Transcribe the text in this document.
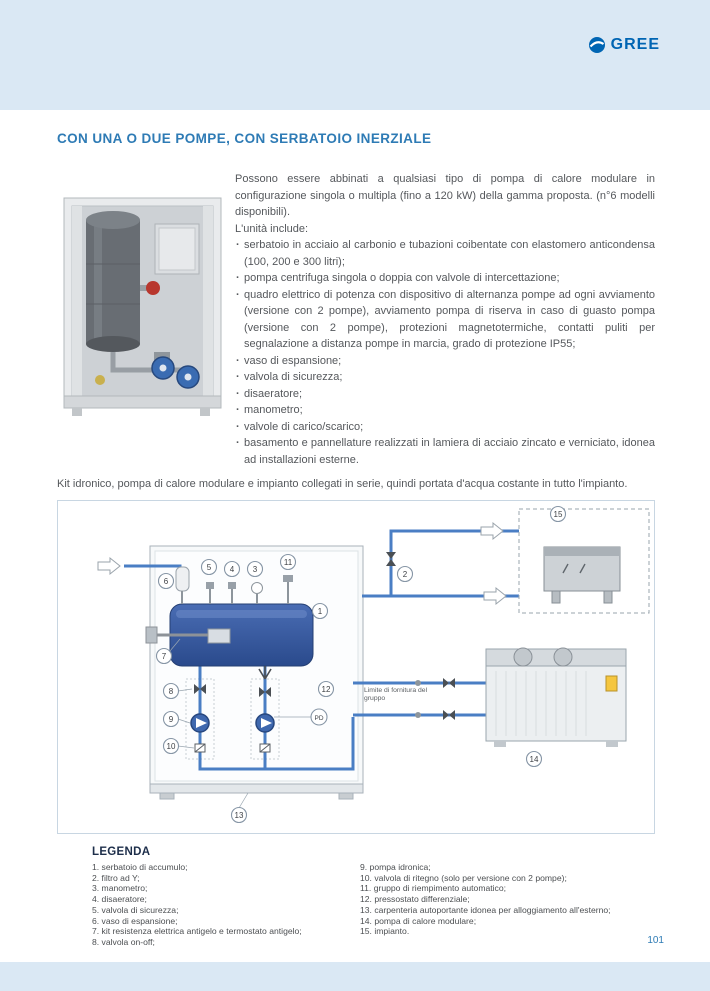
GREE
CON UNA O DUE POMPE, CON SERBATOIO INERZIALE

Possono essere abbinati a qualsiasi tipo di pompa di calore modulare in configurazione singola o multipla (fino a 120 kW) della gamma proposta. (n°6 modelli disponibili).

L'unità include:

· serbatoio in acciaio al carbonio e tubazioni coibentate con elastomero anticondensa (100, 200 e 300 litri);
· pompa centrifuga singola o doppia con valvole di intercettazione;
· quadro elettrico di potenza con dispositivo di alternanza pompe ad ogni avviamento (versione con 2 pompe), avviamento pompa di riserva in caso di guasto pompa (versione con 2 pompe), protezioni magnetotermiche, contatti puliti per segnalazione a distanza pompe in marcia, grado di protezione IP55;
· vaso di espansione;
· valvola di sicurezza;
· disaeratore;
· manometro;
· valvole di carico/scarico;
· basamento e pannellature realizzati in lamiera di acciaio zincato e verniciato, idonea ad installazioni esterne.

Kit idronico, pompa di calore modulare e impianto collegati in serie, quindi portata d'acqua costante in tutto l'impianto.

Limite di fornitura del gruppo
PD
1
2
3
4
5
6
7
8
9
10
11
12
13
14
15
LEGENDA
1. serbatoio di accumulo;
2. filtro ad Y;
3. manometro;
4. disaeratore;
5. valvola di sicurezza;
6. vaso di espansione;
7. kit resistenza elettrica antigelo e termostato antigelo;
8. valvola on-off;
9. pompa idronica;
10. valvola di ritegno (solo per versione con 2 pompe);
11. gruppo di riempimento automatico;
12. pressostato differenziale;
13. carpenteria autoportante idonea per alloggiamento all'esterno;
14. pompa di calore modulare;
15. impianto.
101
